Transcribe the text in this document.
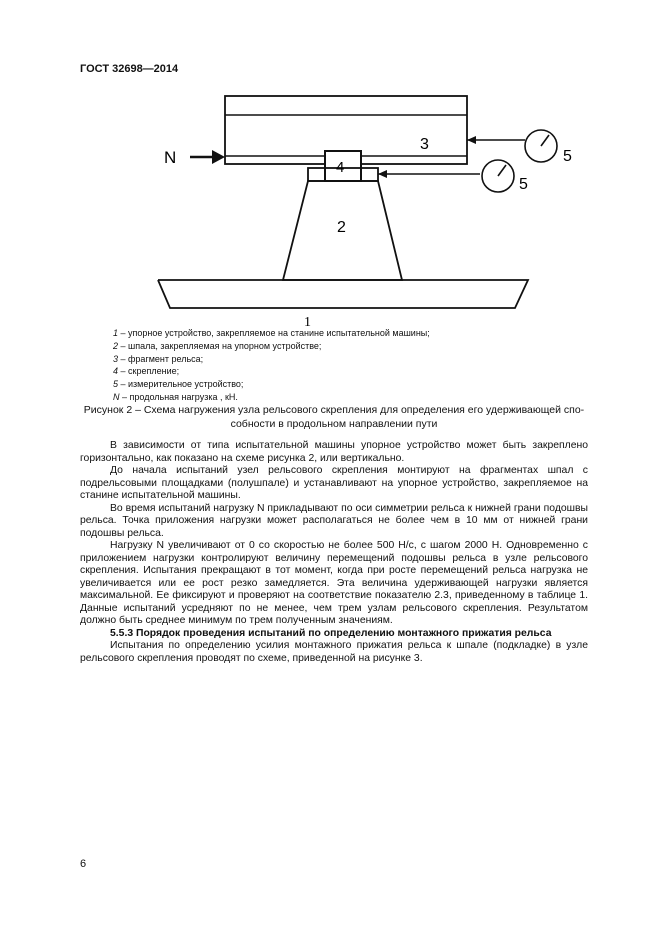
ГОСТ 32698—2014
N
3
4
2
5
5
1
1 – упорное устройство, закрепляемое на станине испытательной машины;
2 – шпала, закрепляемая на упорном устройстве;
3 – фрагмент рельса;
4 – скрепление;
5 – измерительное устройство;
N – продольная нагрузка , кН.
Рисунок 2 – Схема нагружения узла рельсового скрепления для определения его удерживающей спо-
собности в продольном направлении пути

В зависимости от типа испытательной машины упорное устройство может быть закреплено горизонтально, как показано на схеме рисунка 2, или вертикально.

До начала испытаний узел рельсового скрепления монтируют на фрагментах шпал с подрельсовыми площадками (полушпале) и устанавливают на упорное устройство, закрепляемое на станине испытательной машины.

Во время испытаний нагрузку N прикладывают по оси симметрии рельса к нижней грани подошвы рельса. Точка приложения нагрузки может располагаться не более чем в 10 мм от нижней грани подошвы рельса.

Нагрузку N увеличивают от 0 со скоростью не более 500 Н/с, с шагом 2000 Н. Одновременно с приложением нагрузки контролируют величину перемещений подошвы рельса в узле рельсового скрепления. Испытания прекращают в тот момент, когда при росте перемещений рельса нагрузка не увеличивается или ее рост резко замедляется. Эта величина удерживающей нагрузки является максимальной. Ее фиксируют и проверяют на соответствие показателю 2.3, приведенному в таблице 1. Данные испытаний усредняют по не менее, чем трем узлам рельсового скрепления. Результатом должно быть среднее минимум по трем полученным значениям.

5.5.3 Порядок проведения испытаний по определению монтажного прижатия рельса

Испытания по определению усилия монтажного прижатия рельса к шпале (подкладке) в узле рельсового скрепления проводят по схеме, приведенной на рисунке 3.

6
